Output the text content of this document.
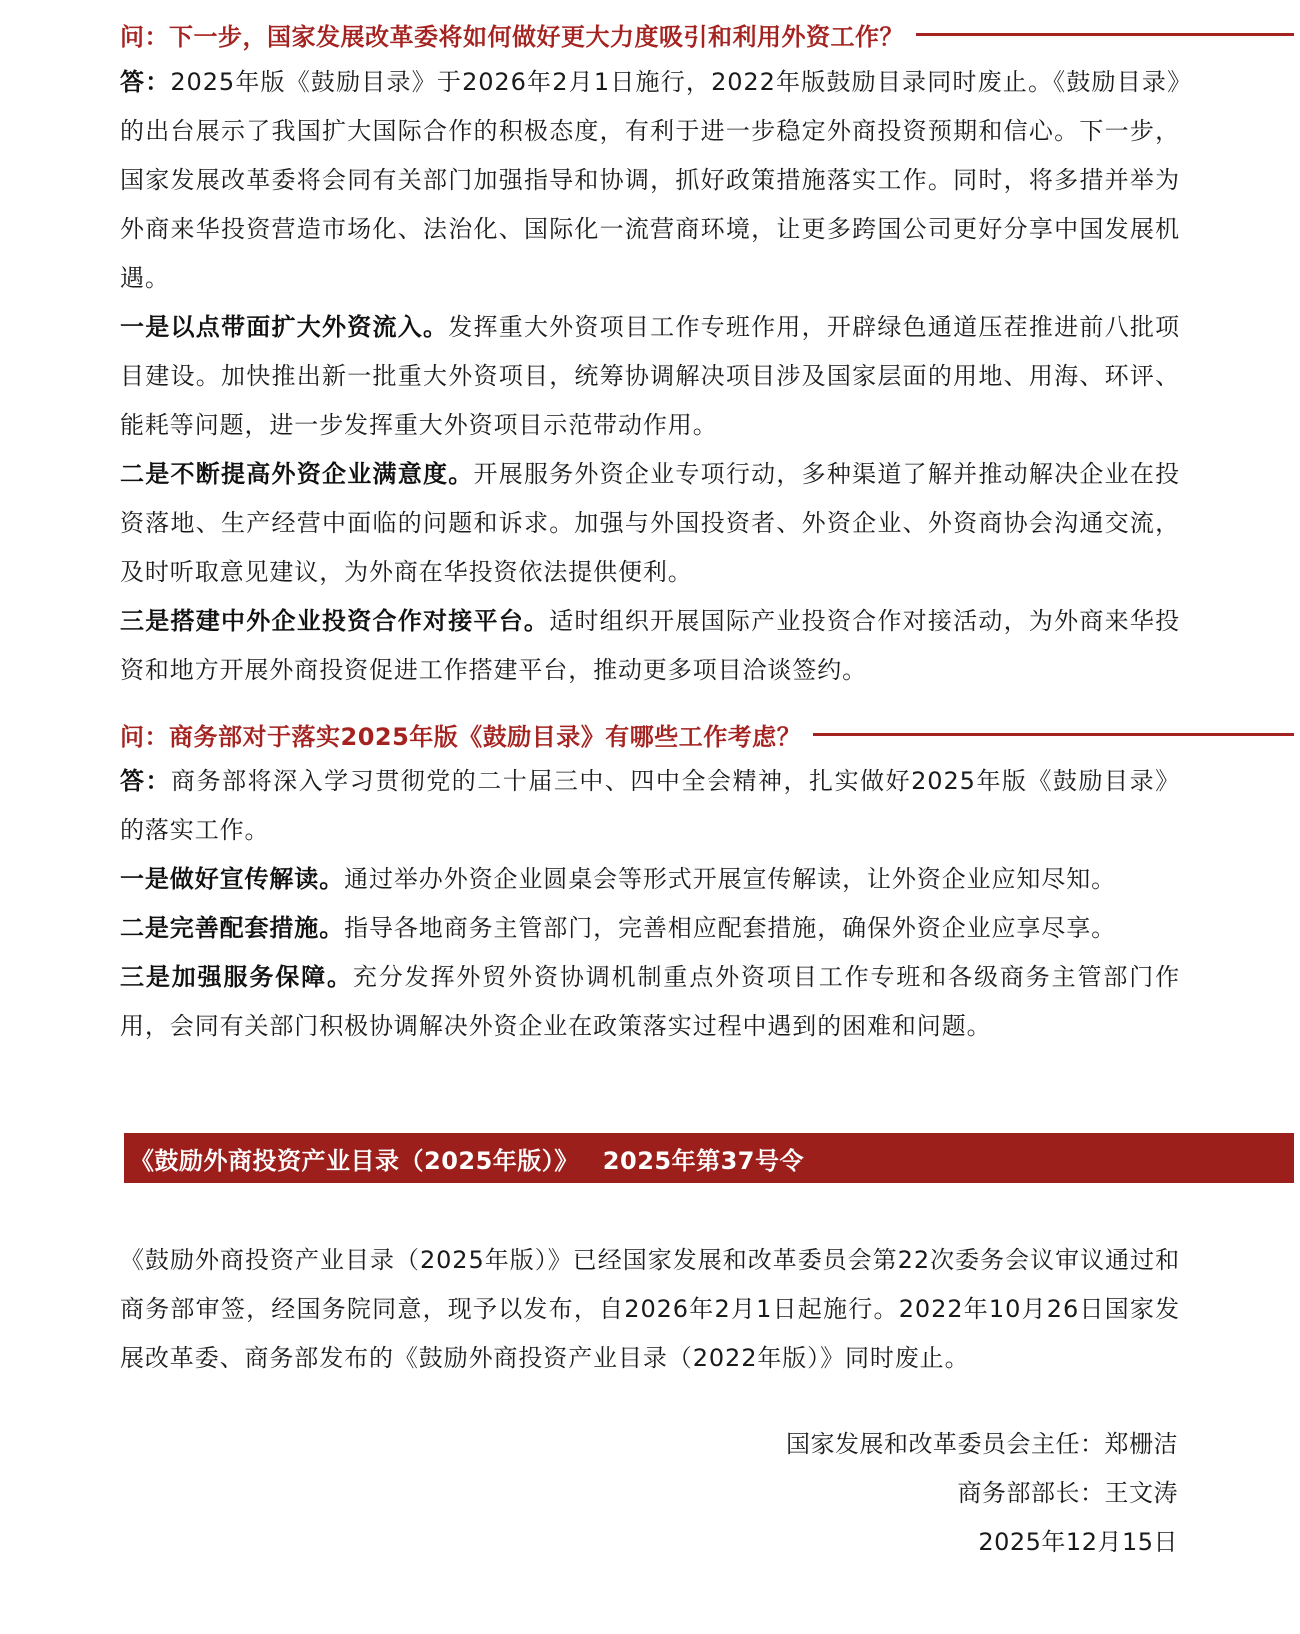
问：下一步，国家发展改革委将如何做好更大力度吸引和利用外资工作？

答：2025年版《鼓励目录》于2026年2月1日施行，2022年版鼓励目录同时废止。《鼓励目录》的出台展示了我国扩大国际合作的积极态度，有利于进一步稳定外商投资预期和信心。下一步，国家发展改革委将会同有关部门加强指导和协调，抓好政策措施落实工作。同时，将多措并举为外商来华投资营造市场化、法治化、国际化一流营商环境，让更多跨国公司更好分享中国发展机遇。

一是以点带面扩大外资流入。发挥重大外资项目工作专班作用，开辟绿色通道压茬推进前八批项目建设。加快推出新一批重大外资项目，统筹协调解决项目涉及国家层面的用地、用海、环评、能耗等问题，进一步发挥重大外资项目示范带动作用。

二是不断提高外资企业满意度。开展服务外资企业专项行动，多种渠道了解并推动解决企业在投资落地、生产经营中面临的问题和诉求。加强与外国投资者、外资企业、外资商协会沟通交流，及时听取意见建议，为外商在华投资依法提供便利。

三是搭建中外企业投资合作对接平台。适时组织开展国际产业投资合作对接活动，为外商来华投资和地方开展外商投资促进工作搭建平台，推动更多项目洽谈签约。

问：商务部对于落实2025年版《鼓励目录》有哪些工作考虑？

答：商务部将深入学习贯彻党的二十届三中、四中全会精神，扎实做好2025年版《鼓励目录》的落实工作。

一是做好宣传解读。通过举办外资企业圆桌会等形式开展宣传解读，让外资企业应知尽知。

二是完善配套措施。指导各地商务主管部门，完善相应配套措施，确保外资企业应享尽享。

三是加强服务保障。充分发挥外贸外资协调机制重点外资项目工作专班和各级商务主管部门作用，会同有关部门积极协调解决外资企业在政策落实过程中遇到的困难和问题。

《鼓励外商投资产业目录（2025年版）》 2025年第37号令

《鼓励外商投资产业目录（2025年版）》已经国家发展和改革委员会第22次委务会议审议通过和商务部审签，经国务院同意，现予以发布，自2026年2月1日起施行。2022年10月26日国家发展改革委、商务部发布的《鼓励外商投资产业目录（2022年版）》同时废止。

国家发展和改革委员会主任：郑栅洁
商务部部长：王文涛
2025年12月15日
